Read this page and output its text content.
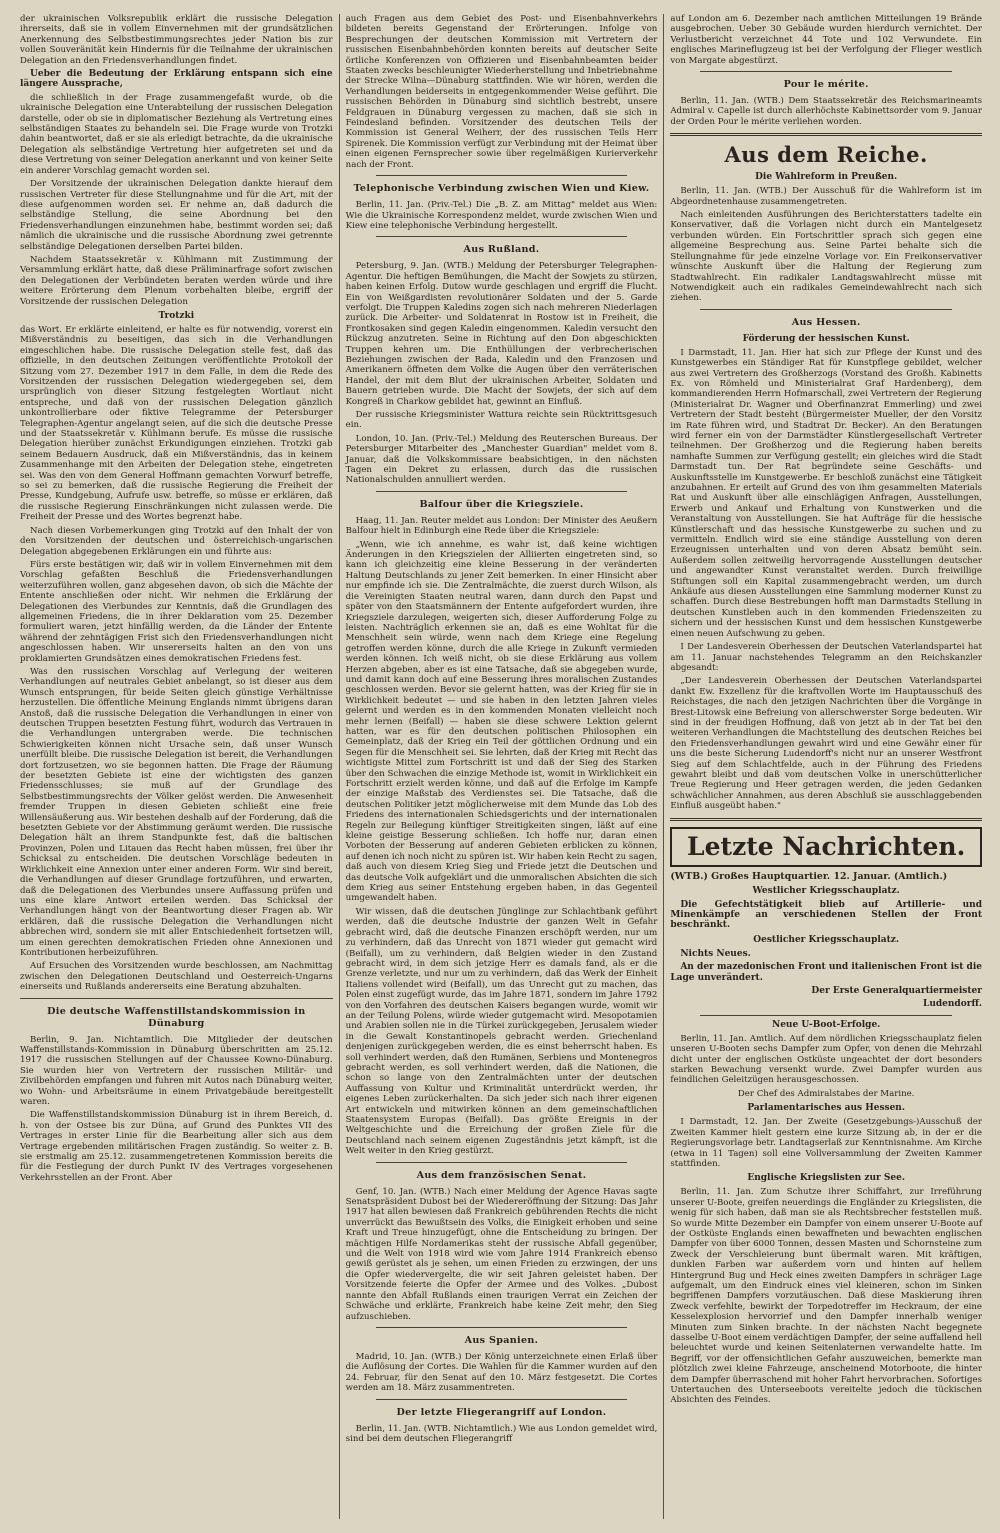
der ukrainischen Volksrepublik erklärt die russische Delegation ihrerseits, daß sie in vollem Einvernehmen mit der grundsätzlichen Anerkennung des Selbstbestimmungsrechtes jeder Nation bis zur vollen Souveränität kein Hindernis für die Teilnahme der ukrainischen Delegation an den Friedensverhandlungen findet.

Ueber die Bedeutung der Erklärung entspann sich eine längere Aussprache,

die schließlich in der Frage zusammengefaßt wurde, ob die ukrainische Delegation eine Unterabteilung der russischen Delegation darstelle, oder ob sie in diplomatischer Beziehung als Vertretung eines selbständigen Staates zu behandeln sei. Die Frage wurde von Trotzki dahin beantwortet, daß er sie als erledigt betrachte, da die ukrainische Delegation als selbständige Vertretung hier aufgetreten sei und da diese Vertretung von seiner Delegation anerkannt und von keiner Seite ein anderer Vorschlag gemacht worden sei.

Der Vorsitzende der ukrainischen Delegation dankte hierauf dem russischen Vertreter für diese Stellungnahme und für die Art, mit der diese aufgenommen worden sei. Er nehme an, daß dadurch die selbständige Stellung, die seine Abordnung bei den Friedensverhandlungen einzunehmen habe, bestimmt worden sei; daß nämlich die ukrainische und die russische Abordnung zwei getrennte selbständige Delegationen derselben Partei bilden.

Nachdem Staatssekretär v. Kühlmann mit Zustimmung der Versammlung erklärt hatte, daß diese Präliminarfrage sofort zwischen den Delegationen der Verbündeten beraten werden würde und ihre weitere Erörterung dem Plenum vorbehalten bleibe, ergriff der Vorsitzende der russischen Delegation

Trotzki

das Wort. Er erklärte einleitend, er halte es für notwendig, vorerst ein Mißverständnis zu beseitigen, das sich in die Verhandlungen eingeschlichen habe. Die russische Delegation stelle fest, daß das offizielle, in den deutschen Zeitungen veröffentlichte Protokoll der Sitzung vom 27. Dezember 1917 in dem Falle, in dem die Rede des Vorsitzenden der russischen Delegation wiedergegeben sei, dem ursprünglich von dieser Sitzung festgelegten Wortlaut nicht entspreche, und daß von der russischen Delegation gänzlich unkontrollierbare oder fiktive Telegramme der Petersburger Telegraphen-Agentur angelangt seien, auf die sich die deutsche Presse und der Staatssekretär v. Kühlmann berufe. Es müsse die russische Delegation hierüber zunächst Erkundigungen einziehen. Trotzki gab seinem Bedauern Ausdruck, daß ein Mißverständnis, das in keinem Zusammenhange mit den Arbeiten der Delegation stehe, eingetreten sei. Was den von dem General Hoffmann gemachten Vorwurf betreffe, so sei zu bemerken, daß die russische Regierung die Freiheit der Presse, Kundgebung, Aufrufe usw. betreffe, so müsse er erklären, daß die russische Regierung Einschränkungen nicht zulassen werde. Die Freiheit der Presse und des Wortes begrenzt habe.

Nach diesen Vorbemerkungen ging Trotzki auf den Inhalt der von den Vorsitzenden der deutschen und österreichisch-ungarischen Delegation abgegebenen Erklärungen ein und führte aus:

Fürs erste bestätigen wir, daß wir in vollem Einvernehmen mit dem Vorschlag gefaßten Beschluß die Friedensverhandlungen weiterzuführen wollen, ganz abgesehen davon, ob sich die Mächte der Entente anschließen oder nicht. Wir nehmen die Erklärung der Delegationen des Vierbundes zur Kenntnis, daß die Grundlagen des allgemeinen Friedens, die in ihrer Deklaration vom 25. Dezember formuliert waren, jetzt hinfällig werden, da die Länder der Entente während der zehntägigen Frist sich den Friedensverhandlungen nicht angeschlossen haben. Wir unsererseits halten an den von uns proklamierten Grundsätzen eines demokratischen Friedens fest.

Was den russischen Vorschlag auf Verlegung der weiteren Verhandlungen auf neutrales Gebiet anbelangt, so ist dieser aus dem Wunsch entsprungen, für beide Seiten gleich günstige Verhältnisse herzustellen. Die öffentliche Meinung Englands nimmt übrigens daran Anstoß, daß die russische Delegation die Verhandlungen in einer von deutschen Truppen besetzten Festung führt, wodurch das Vertrauen in die Verhandlungen untergraben werde. Die technischen Schwierigkeiten können nicht Ursache sein, daß unser Wunsch unerfüllt bleibe. Die russische Delegation ist bereit, die Verhandlungen dort fortzusetzen, wo sie begonnen hatten. Die Frage der Räumung der besetzten Gebiete ist eine der wichtigsten des ganzen Friedensschlusses; sie muß auf der Grundlage des Selbstbestimmungsrechts der Völker gelöst werden. Die Anwesenheit fremder Truppen in diesen Gebieten schließt eine freie Willensäußerung aus. Wir bestehen deshalb auf der Forderung, daß die besetzten Gebiete vor der Abstimmung geräumt werden. Die russische Delegation hält an ihrem Standpunkte fest, daß die baltischen Provinzen, Polen und Litauen das Recht haben müssen, frei über ihr Schicksal zu entscheiden. Die deutschen Vorschläge bedeuten in Wirklichkeit eine Annexion unter einer anderen Form. Wir sind bereit, die Verhandlungen auf dieser Grundlage fortzuführen, und erwarten, daß die Delegationen des Vierbundes unsere Auffassung prüfen und uns eine klare Antwort erteilen werden. Das Schicksal der Verhandlungen hängt von der Beantwortung dieser Fragen ab. Wir erklären, daß die russische Delegation die Verhandlungen nicht abbrechen wird, sondern sie mit aller Entschiedenheit fortsetzen will, um einen gerechten demokratischen Frieden ohne Annexionen und Kontributionen herbeizuführen.

Auf Ersuchen des Vorsitzenden wurde beschlossen, am Nachmittag zwischen den Delegationen Deutschland und Oesterreich-Ungarns einerseits und Rußlands andererseits eine Beratung abzuhalten.

Die deutsche Waffenstillstandskommission in Dünaburg

Berlin, 9. Jan. Nichtamtlich. Die Mitglieder der deutschen Waffenstillstands-Kommission in Dünaburg überschritten am 25.12. 1917 die russischen Stellungen auf der Chaussee Kowno-Dünaburg. Sie wurden hier von Vertretern der russischen Militär- und Zivilbehörden empfangen und fuhren mit Autos nach Dünaburg weiter, wo Wohn- und Arbeitsräume in einem Privatgebäude bereitgestellt waren.

Die Waffenstillstandskommission Dünaburg ist in ihrem Bereich, d. h. von der Ostsee bis zur Düna, auf Grund des Punktes VII des Vertrages in erster Linie für die Bearbeitung aller sich aus dem Vertrage ergebenden militärischen Fragen zuständig. So weiter z. B. sie erstmalig am 25.12. zusammengetretenen Kommission bereits die für die Festlegung der durch Punkt IV des Vertrages vorgesehenen Verkehrsstellen an der Front. Aber

auch Fragen aus dem Gebiet des Post- und Eisenbahnverkehrs bildeten bereits Gegenstand der Erörterungen. Infolge von Besprechungen der deutschen Kommission mit Vertretern der russischen Eisenbahnbehörden konnten bereits auf deutscher Seite örtliche Konferenzen von Offizieren und Eisenbahnbeamten beider Staaten zwecks beschleunigter Wiederherstellung und Inbetriebnahme der Strecke Wilna—Dünaburg stattfinden. Wie wir hören, werden die Verhandlungen beiderseits in entgegenkommender Weise geführt. Die russischen Behörden in Dünaburg sind sichtlich bestrebt, unsere Feldgrauen in Dünaburg vergessen zu machen, daß sie sich in Feindesland befinden. Vorsitzender des deutschen Teils der Kommission ist General Weiherr, der des russischen Teils Herr Spirenek. Die Kommission verfügt zur Verbindung mit der Heimat über einen eigenen Fernsprecher sowie über regelmäßigen Kurierverkehr nach der Front.

Telephonische Verbindung zwischen Wien und Kiew.

Berlin, 11. Jan. (Priv.-Tel.) Die „B. Z. am Mittag" meldet aus Wien: Wie die Ukrainische Korrespondenz meldet, wurde zwischen Wien und Kiew eine telephonische Verbindung hergestellt.

Aus Rußland.

Petersburg, 9. Jan. (WTB.) Meldung der Petersburger Telegraphen-Agentur. Die heftigen Bemühungen, die Macht der Sowjets zu stürzen, haben keinen Erfolg. Dutow wurde geschlagen und ergriff die Flucht. Ein von Weißgardisten revolutionärer Soldaten und der 5. Garde verfolgt. Die Truppen Kaledins zogen sich nach mehreren Niederlagen zurück. Die Arbeiter- und Soldatenrat in Rostow ist in Freiheit, die Frontkosaken sind gegen Kaledin eingenommen. Kaledin versucht den Rückzug anzutreten. Seine in Richtung auf den Don abgeschickten Truppen kehren um. Die Enthüllungen der verbrecherischen Beziehungen zwischen der Rada, Kaledin und den Franzosen und Amerikanern öffneten dem Volke die Augen über den verräterischen Handel, der mit dem Blut der ukrainischen Arbeiter, Soldaten und Bauern getrieben wurde. Die Macht der Sowjets, der sich auf dem Kongreß in Charkow gebildet hat, gewinnt an Einfluß.

Der russische Kriegsminister Wattura reichte sein Rücktrittsgesuch ein.

London, 10. Jan. (Priv.-Tel.) Meldung des Reuterschen Bureaus. Der Petersburger Mitarbeiter des „Manchester Guardian" meldet vom 8. Januar, daß die Volkskommissare beabsichtigen, in den nächsten Tagen ein Dekret zu erlassen, durch das die russischen Nationalschulden annulliert werden.

Balfour über die Kriegsziele.

Haag, 11. Jan. Reuter meldet aus London: Der Minister des Aeußern Balfour hielt in Edinburgh eine Rede über die Kriegsziele:

„Wenn, wie ich annehme, es wahr ist, daß keine wichtigen Änderungen in den Kriegszielen der Alliierten eingetreten sind, so kann ich gleichzeitig eine kleine Besserung in der veränderten Haltung Deutschlands zu jener Zeit bemerken. In einer Hinsicht aber nur empfinde ich sie. Die Zentralmächte, die zuerst durch Wilson, als die Vereinigten Staaten neutral waren, dann durch den Papst und später von den Staatsmännern der Entente aufgefordert wurden, ihre Kriegsziele darzulegen, weigerten sich, dieser Aufforderung Folge zu leisten. Nachträglich erkennen sie an, daß es eine Wohltat für die Menschheit sein würde, wenn nach dem Kriege eine Regelung getroffen werden könne, durch die alle Kriege in Zukunft vermieden werden können. Ich weiß nicht, ob sie diese Erklärung aus vollem Herzen abgeben, aber es ist eine Tatsache, daß sie abgegeben wurde, und damit kann doch auf eine Besserung ihres moralischen Zustandes geschlossen werden. Bevor sie gelernt hatten, was der Krieg für sie in Wirklichkeit bedeutet — und sie haben in den letzten Jahren vieles gelernt und werden es in den kommenden Monaten vielleicht noch mehr lernen (Beifall) — haben sie diese schwere Lektion gelernt hatten, war es für den deutschen politischen Philosophen ein Gemeinplatz, daß der Krieg ein Teil der göttlichen Ordnung und ein Segen für die Menschheit sei. Sie lehrten, daß der Krieg mit Recht das wichtigste Mittel zum Fortschritt ist und daß der Sieg des Starken über den Schwachen die einzige Methode ist, womit in Wirklichkeit ein Fortschritt erzielt werden könne, und daß auf die Erfolge im Kampfe der einzige Maßstab des Verdienstes sei. Die Tatsache, daß die deutschen Politiker jetzt möglicherweise mit dem Munde das Lob des Friedens des internationalen Schiedsgerichts und der internationalen Regeln zur Beilegung künftiger Streitigkeiten singen, läßt auf eine kleine geistige Besserung schließen. Ich hoffe nur, daran einen Vorboten der Besserung auf anderen Gebieten erblicken zu können, auf denen ich noch nicht zu spüren ist. Wir haben kein Recht zu sagen, daß auch von diesem Krieg Sieg und Friede jetzt die Deutschen und das deutsche Volk aufgeklärt und die unmoralischen Absichten die sich dem Krieg aus seiner Entstehung ergeben haben, in das Gegenteil umgewandelt haben.

Wir wissen, daß die deutschen Jünglinge zur Schlachtbank geführt werden, daß die deutsche Industrie der ganzen Welt in Gefahr gebracht wird, daß die deutsche Finanzen erschöpft werden, nur um zu verhindern, daß das Unrecht von 1871 wieder gut gemacht wird (Beifall), um zu verhindern, daß Belgien wieder in den Zustand gebracht wird, in dem sich jetzige Herr es damals fand, als er die Grenze verletzte, und nur um zu verhindern, daß das Werk der Einheit Italiens vollendet wird (Beifall), um das Unrecht gut zu machen, das Polen einst zugefügt wurde, das im Jahre 1871, sondern im Jahre 1792 von den Vorfahren des deutschen Kaisers begangen wurde, womit wir an der Teilung Polens, würde wieder gutgemacht wird. Mesopotamien und Arabien sollen nie in die Türkei zurückgegeben, Jerusalem wieder in die Gewalt Konstantinopels gebracht werden. Griechenland denjenigen zurückgegeben werden, die es einst beherrscht haben. Es soll verhindert werden, daß den Rumänen, Serbiens und Montenegros gebracht werden, es soll verhindert werden, daß die Nationen, die schon so lange von den Zentralmächten unter der deutschen Auffassung von Kultur und Kriminalität unterdrückt werden, ihr eigenes Leben zurückerhalten. Da sich jeder sich nach ihrer eigenen Art entwickeln und mitwirken können an dem gemeinschaftlichen Staatensystem Europas (Beifall). Das größte Ereignis in der Weltgeschichte und die Erreichung der großen Ziele für die Deutschland nach seinem eigenen Zugeständnis jetzt kämpft, ist die Welt weiter in den Krieg gestürzt.

Aus dem französischen Senat.

Genf, 10. Jan. (WTB.) Nach einer Meldung der Agence Havas sagte Senatspräsident Dubost bei der Wiedereröffnung der Sitzung: Das Jahr 1917 hat allen bewiesen daß Frankreich gebührenden Rechts die nicht unverrückt das Bewußtsein des Volks, die Einigkeit erhoben und seine Kraft und Treue hinzugefügt, ohne die Entscheidung zu bringen. Der mächtigen Hilfe Nordamerikas steht der russische Abfall gegenüber, und die Welt von 1918 wird wie vom Jahre 1914 Frankreich ebenso gewiß gerüstet als je sehen, um einen Frieden zu erzwingen, der uns die Opfer wiedervergelte, die wir seit Jahren geleistet haben. Der Vorsitzende feierte die Opfer der Armee und des Volkes. „Dubost nannte den Abfall Rußlands einen traurigen Verrat ein Zeichen der Schwäche und erklärte, Frankreich habe keine Zeit mehr, den Sieg aufzuschieben.

Aus Spanien.

Madrid, 10. Jan. (WTB.) Der König unterzeichnete einen Erlaß über die Auflösung der Cortes. Die Wahlen für die Kammer wurden auf den 24. Februar, für den Senat auf den 10. März festgesetzt. Die Cortes werden am 18. März zusammentreten.

Der letzte Fliegerangriff auf London.

Berlin, 11. Jan. (WTB. Nichtamtlich.) Wie aus London gemeldet wird, sind bei dem deutschen Fliegerangriff

auf London am 6. Dezember nach amtlichen Mitteilungen 19 Brände ausgebrochen. Ueber 30 Gebäude wurden hierdurch vernichtet. Der Verlustbericht verzeichnet 44 Tote und 102 Verwundete. Ein englisches Marineflugzeug ist bei der Verfolgung der Flieger westlich von Margate abgestürzt.

Pour le mérite.

Berlin, 11. Jan. (WTB.) Dem Staatssekretär des Reichsmarineamts Admiral v. Capelle ist durch allerhöchste Kabinettsorder vom 9. Januar der Orden Pour le mérite verliehen worden.

Aus dem Reiche.
Die Wahlreform in Preußen.

Berlin, 11. Jan. (WTB.) Der Ausschuß für die Wahlreform ist im Abgeordnetenhause zusammengetreten.

Nach einleitenden Ausführungen des Berichterstatters tadelte ein Konservativer, daß die Vorlagen nicht durch ein Mantelgesetz verbunden würden. Ein Fortschrittler sprach sich gegen eine allgemeine Besprechung aus. Seine Partei behalte sich die Stellungnahme für jede einzelne Vorlage vor. Ein Freikonservativer wünschte Auskunft über die Haltung der Regierung zum Stadtwahlrecht. Ein radikaler Landtagswahlrecht müsse mit Notwendigkeit auch ein radikales Gemeindewahlrecht nach sich ziehen.

Aus Hessen.
Förderung der hessischen Kunst.

I Darmstadt, 11. Jan. Hier hat sich zur Pflege der Kunst und des Kunstgewerbes ein Ständiger Rat für Kunstpflege gebildet, welcher aus zwei Vertretern des Großherzogs (Vorstand des Großh. Kabinetts Ex. von Römheld und Ministerialrat Graf Hardenberg), dem kommandierenden Herrn Hofmarschall, zwei Vertretern der Regierung (Ministerialrat Dr. Wagner und Oberfinanzrat Emmerling) und zwei Vertretern der Stadt besteht (Bürgermeister Mueller, der den Vorsitz im Rate führen wird, und Stadtrat Dr. Becker). An den Beratungen wird ferner ein von der Darmstädter Künstlergesellschaft Vertreter teilnehmen. Der Großherzog und die Regierung haben bereits namhafte Summen zur Verfügung gestellt; ein gleiches wird die Stadt Darmstadt tun. Der Rat begründete seine Geschäfts- und Auskunftsstelle im Kunstgewerbe. Er beschloß zunächst eine Tätigkeit anzubahnen. Er erteilt auf Grund des von ihm gesammelten Materials Rat und Auskunft über alle einschlägigen Anfragen, Ausstellungen, Erwerb und Ankauf und Erhaltung von Kunstwerken und die Veranstaltung von Ausstellungen. Sie hat Aufträge für die hessische Künstlerschaft und das hessische Kunstgewerbe zu suchen und zu vermitteln. Endlich wird sie eine ständige Ausstellung von deren Erzeugnissen unterhalten und von deren Absatz bemüht sein. Außerdem sollen zeitweilig hervorragende Ausstellungen deutscher und angewandter Kunst veranstaltet werden. Durch freiwillige Stiftungen soll ein Kapital zusammengebracht werden, um durch Ankäufe aus diesen Ausstellungen eine Sammlung moderner Kunst zu schaffen. Durch diese Bestrebungen hofft man Darmstadts Stellung in deutschen Kunstleben auch in den kommenden Friedenszeiten zu sichern und der hessischen Kunst und dem hessischen Kunstgewerbe einen neuen Aufschwung zu geben.

I Der Landesverein Oberhessen der Deutschen Vaterlandspartei hat am 11. Januar nachstehendes Telegramm an den Reichskanzler abgesandt:

„Der Landesverein Oberhessen der Deutschen Vaterlandspartei dankt Ew. Exzellenz für die kraftvollen Worte im Hauptausschuß des Reichstages, die nach den jetzigen Nachrichten über die Vorgänge in Brest-Litowsk eine Befreiung von allerschwerster Sorge bedeuten. Wir sind in der freudigen Hoffnung, daß von jetzt ab in der Tat bei den weiteren Verhandlungen die Machtstellung des deutschen Reiches bei den Friedensverhandlungen gewahrt wird und eine Gewähr einer für uns die beste Sicherung Ludendorff's nicht nur an unserer Westfront Sieg auf dem Schlachtfelde, auch in der Führung des Friedens gewahrt bleibt und daß vom deutschen Volke in unerschütterlicher Treue Regierung und Heer getragen werden, die jeden Gedanken schwächlicher Annahmen, aus deren Abschluß sie ausschlaggebenden Einfluß ausgeübt haben."

Letzte Nachrichten.

(WTB.) Großes Hauptquartier. 12. Januar. (Amtlich.)

Westlicher Kriegsschauplatz.

Die Gefechtstätigkeit blieb auf Artillerie- und Minenkämpfe an verschiedenen Stellen der Front beschränkt.

Oestlicher Kriegsschauplatz.

Nichts Neues.

An der mazedonischen Front und italienischen Front ist die Lage unverändert.

Der Erste Generalquartiermeister

Ludendorff.

Neue U-Boot-Erfolge.

Berlin, 11. Jan. Amtlich. Auf dem nördlichen Kriegsschauplatz fielen unseren U-Booten sechs Dampfer zum Opfer, von denen die Mehrzahl dicht unter der englischen Ostküste ungeachtet der dort besonders starken Bewachung versenkt wurde. Zwei Dampfer wurden aus feindlichen Geleitzügen herausgeschossen.

Der Chef des Admiralstabes der Marine.

Parlamentarisches aus Hessen.

I Darmstadt, 12. Jan. Der Zweite (Gesetzgebungs-)Ausschuß der Zweiten Kammer hielt gestern eine kurze Sitzung ab, in der er die Regierungsvorlage betr. Landtagserlaß zur Kenntnisnahme. Am Kirche (etwa in 11 Tagen) soll eine Vollversammlung der Zweiten Kammer stattfinden.

Englische Kriegslisten zur See.

Berlin, 11. Jan. Zum Schutze ihrer Schiffahrt, zur Irreführung unserer U-Boote, greifen neuerdings die Engländer zu Kriegslisten, die wenig für sich haben, daß man sie als Rechtsbrecher feststellen muß. So wurde Mitte Dezember ein Dampfer von einem unserer U-Boote auf der Ostküste Englands einen bewaffneten und bewachten englischen Dampfer von über 6000 Tonnen, dessen Masten und Schornsteine zum Zweck der Verschleierung bunt übermalt waren. Mit kräftigen, dunklen Farben war außerdem vorn und hinten auf hellem Hintergrund Bug und Heck eines zweiten Dampfers in schräger Lage aufgemalt, um den Eindruck eines viel kleineren, schon im Sinken begriffenen Dampfers vorzutäuschen. Daß diese Maskierung ihren Zweck verfehlte, bewirkt der Torpedotreffer im Heckraum, der eine Kesselexplosion hervorrief und den Dampfer innerhalb weniger Minuten zum Sinken brachte. In der nächsten Nacht begegnete dasselbe U-Boot einem verdächtigen Dampfer, der seine auffallend hell beleuchtet wurde und keinen Seitenlaternen verwandelte hatte. Im Begriff, vor der offensichtlichen Gefahr auszuweichen, bemerkte man plötzlich zwei kleine Fahrzeuge, anscheinend Motorboote, die hinter dem Dampfer überraschend mit hoher Fahrt hervorbrachen. Sofortiges Untertauchen des Unterseeboots vereitelte jedoch die tückischen Absichten des Feindes.
